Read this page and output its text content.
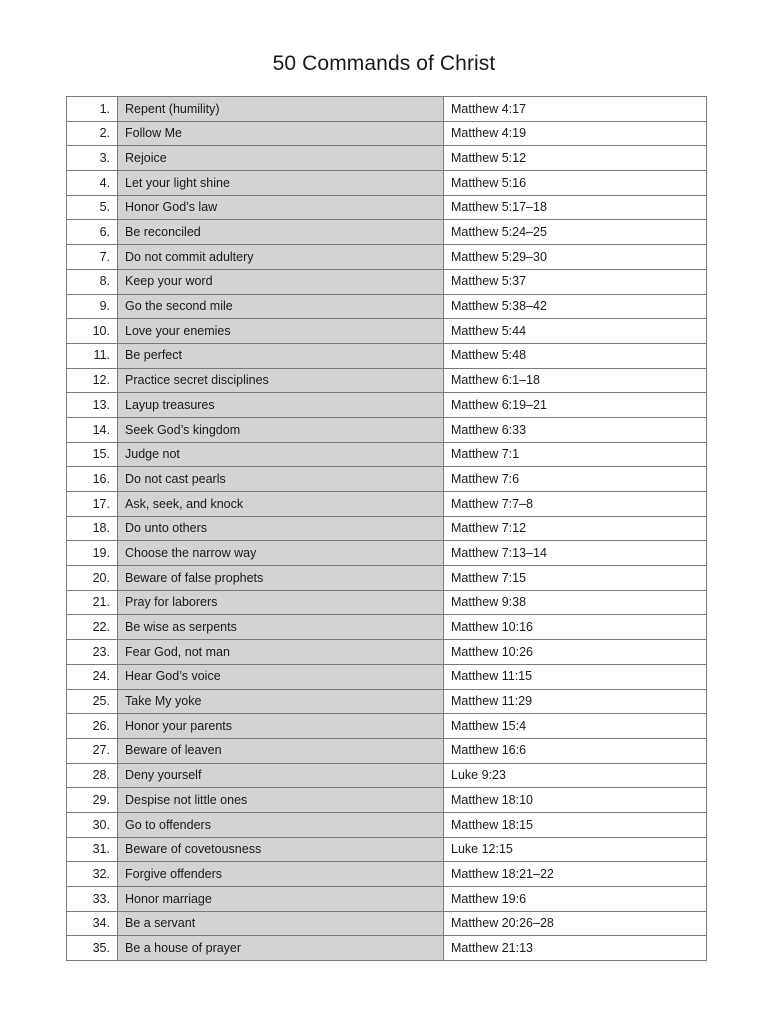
50 Commands of Christ
1.	Repent (humility)	Matthew 4:17
2.	Follow Me	Matthew 4:19
3.	Rejoice	Matthew 5:12
4.	Let your light shine	Matthew 5:16
5.	Honor God’s law	Matthew 5:17–18
6.	Be reconciled	Matthew 5:24–25
7.	Do not commit adultery	Matthew 5:29–30
8.	Keep your word	Matthew 5:37
9.	Go the second mile	Matthew 5:38–42
10.	Love your enemies	Matthew 5:44
11.	Be perfect	Matthew 5:48
12.	Practice secret disciplines	Matthew 6:1–18
13.	Layup treasures	Matthew 6:19–21
14.	Seek God’s kingdom	Matthew 6:33
15.	Judge not	Matthew 7:1
16.	Do not cast pearls	Matthew 7:6
17.	Ask, seek, and knock	Matthew 7:7–8
18.	Do unto others	Matthew 7:12
19.	Choose the narrow way	Matthew 7:13–14
20.	Beware of false prophets	Matthew 7:15
21.	Pray for laborers	Matthew 9:38
22.	Be wise as serpents	Matthew 10:16
23.	Fear God, not man	Matthew 10:26
24.	Hear God’s voice	Matthew 11:15
25.	Take My yoke	Matthew 11:29
26.	Honor your parents	Matthew 15:4
27.	Beware of leaven	Matthew 16:6
28.	Deny yourself	Luke 9:23
29.	Despise not little ones	Matthew 18:10
30.	Go to offenders	Matthew 18:15
31.	Beware of covetousness	Luke 12:15
32.	Forgive offenders	Matthew 18:21–22
33.	Honor marriage	Matthew 19:6
34.	Be a servant	Matthew 20:26–28
35.	Be a house of prayer	Matthew 21:13
